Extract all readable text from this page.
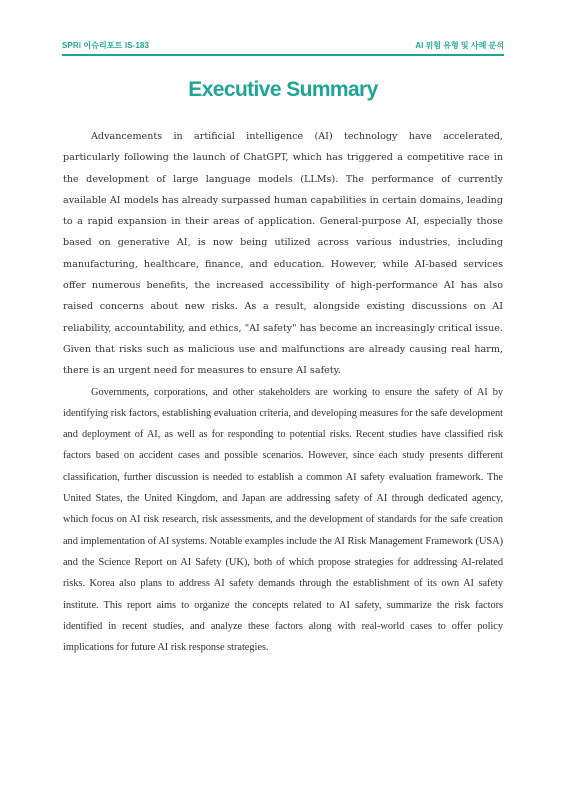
SPRi 이슈리포트 IS-183	AI 위험 유형 및 사례 분석
Executive Summary

Advancements in artificial intelligence (AI) technology have accelerated, particularly following the launch of ChatGPT, which has triggered a competitive race in the development of large language models (LLMs). The performance of currently available AI models has already surpassed human capabilities in certain domains, leading to a rapid expansion in their areas of application. General-purpose AI, especially those based on generative AI, is now being utilized across various industries, including manufacturing, healthcare, finance, and education. However, while AI-based services offer numerous benefits, the increased accessibility of high-performance AI has also raised concerns about new risks. As a result, alongside existing discussions on AI reliability, accountability, and ethics, "AI safety" has become an increasingly critical issue. Given that risks such as malicious use and malfunctions are already causing real harm, there is an urgent need for measures to ensure AI safety.

Governments, corporations, and other stakeholders are working to ensure the safety of AI by identifying risk factors, establishing evaluation criteria, and developing measures for the safe development and deployment of AI, as well as for responding to potential risks. Recent studies have classified risk factors based on accident cases and possible scenarios. However, since each study presents different classification, further discussion is needed to establish a common AI safety evaluation framework. The United States, the United Kingdom, and Japan are addressing safety of AI through dedicated agency, which focus on AI risk research, risk assessments, and the development of standards for the safe creation and implementation of AI systems. Notable examples include the AI Risk Management Framework (USA) and the Science Report on AI Safety (UK), both of which propose strategies for addressing AI-related risks. Korea also plans to address AI safety demands through the establishment of its own AI safety institute. This report aims to organize the concepts related to AI safety, summarize the risk factors identified in recent studies, and analyze these factors along with real-world cases to offer policy implications for future AI risk response strategies.
